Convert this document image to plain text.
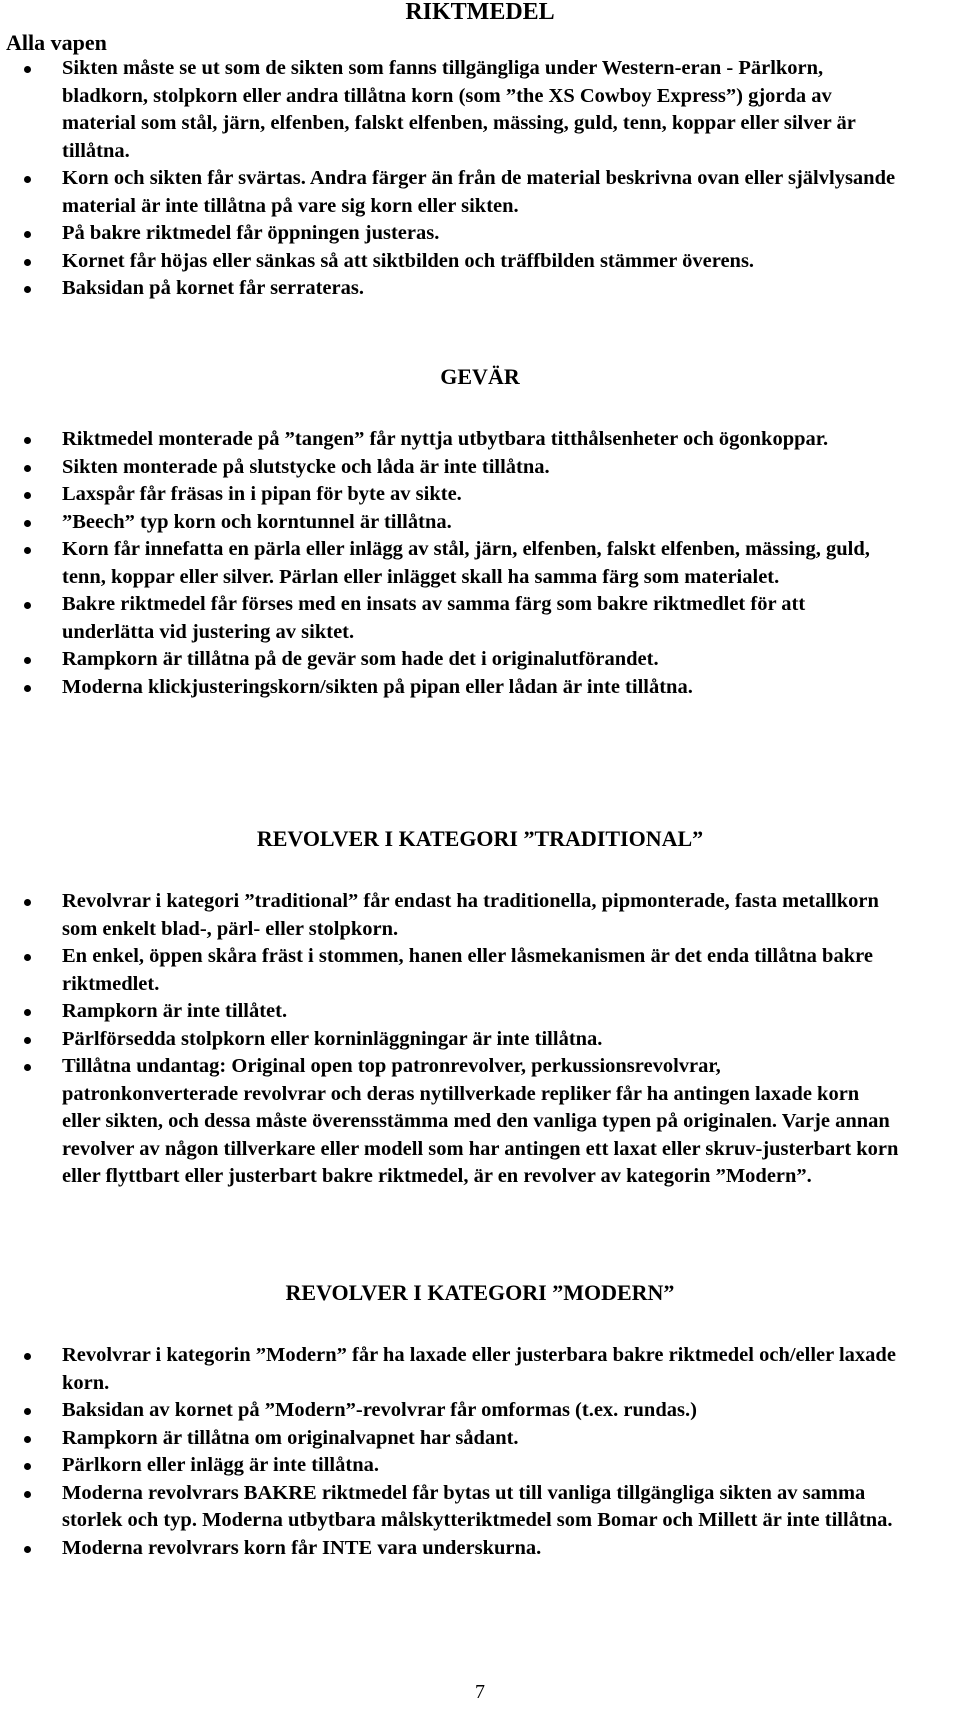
RIKTMEDEL
Alla vapen
Sikten måste se ut som de sikten som fanns tillgängliga under Western-eran - Pärlkorn, bladkorn, stolpkorn eller andra tillåtna korn (som ”the XS Cowboy Express”) gjorda av material som stål, järn, elfenben, falskt elfenben, mässing, guld, tenn, koppar eller silver är tillåtna.
Korn och sikten får svärtas. Andra färger än från de material beskrivna ovan eller självlysande material är inte tillåtna på vare sig korn eller sikten.
På bakre riktmedel får öppningen justeras.
Kornet får höjas eller sänkas så att siktbilden och träffbilden stämmer överens.
Baksidan på kornet får serrateras.
GEVÄR
Riktmedel monterade på ”tangen” får nyttja utbytbara titthålsenheter och ögonkoppar.
Sikten monterade på slutstycke och låda är inte tillåtna.
Laxspår får fräsas in i pipan för byte av sikte.
”Beech” typ korn och korntunnel är tillåtna.
Korn får innefatta en pärla eller inlägg av stål, järn, elfenben, falskt elfenben, mässing, guld, tenn, koppar eller silver. Pärlan eller inlägget skall ha samma färg som materialet.
Bakre riktmedel får förses med en insats av samma färg som bakre riktmedlet för att underlätta vid justering av siktet.
Rampkorn är tillåtna på de gevär som hade det i originalutförandet.
Moderna klickjusteringskorn/sikten på pipan eller lådan är inte tillåtna.
REVOLVER I KATEGORI ”TRADITIONAL”
Revolvrar i kategori ”traditional” får endast ha traditionella, pipmonterade, fasta metallkorn som enkelt blad-, pärl- eller stolpkorn.
En enkel, öppen skåra fräst i stommen, hanen eller låsmekanismen är det enda tillåtna bakre riktmedlet.
Rampkorn är inte tillåtet.
Pärlförsedda stolpkorn eller korninläggningar är inte tillåtna.
Tillåtna undantag: Original open top patronrevolver, perkussionsrevolvrar, patronkonverterade revolvrar och deras nytillverkade repliker får ha antingen laxade korn eller sikten, och dessa måste överensstämma med den vanliga typen på originalen. Varje annan revolver av någon tillverkare eller modell som har antingen ett laxat eller skruv-justerbart korn eller flyttbart eller justerbart bakre riktmedel, är en revolver av kategorin ”Modern”.
REVOLVER I KATEGORI ”MODERN”
Revolvrar i kategorin ”Modern” får ha laxade eller justerbara bakre riktmedel och/eller laxade korn.
Baksidan av kornet på ”Modern”-revolvrar får omformas (t.ex. rundas.)
Rampkorn är tillåtna om originalvapnet har sådant.
Pärlkorn eller inlägg är inte tillåtna.
Moderna revolvrars BAKRE riktmedel får bytas ut till vanliga tillgängliga sikten av samma storlek och typ. Moderna utbytbara målskytteriktmedel som Bomar och Millett är inte tillåtna.
Moderna revolvrars korn får INTE vara underskurna.
7
